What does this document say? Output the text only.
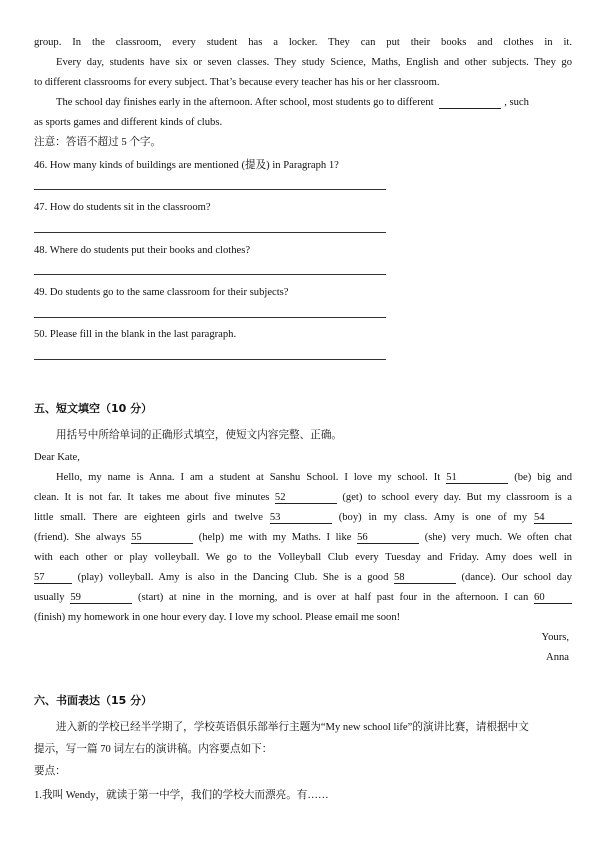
group. In the classroom, every student has a locker. They can put their books and clothes in it.
Every day, students have six or seven classes. They study Science, Maths, English and other subjects. They go
to different classrooms for every subject. That’s because every teacher has his or her classroom.
The school day finishes early in the afternoon. After school, most students go to different	, such
as sports games and different kinds of clubs.
注意：答语不超过 5 个字。
46. How many kinds of buildings are mentioned (提及) in Paragraph 1?
47. How do students sit in the classroom?
48. Where do students put their books and clothes?
49. Do students go to the same classroom for their subjects?
50. Please fill in the blank in the last paragraph.
五、短文填空（10 分）
用括号中所给单词的正确形式填空，使短文内容完整、正确。
Dear Kate,
Hello, my name is Anna. I am a student at Sanshu School. I love my school. It 51	(be) big and
clean. It is not far. It takes me about five minutes 52	(get) to school every day. But my classroom is a
little small. There are eighteen girls and twelve 53	(boy) in my class. Amy is one of my 54
(friend). She always 55	(help) me with my Maths. I like 56	(she) very much. We often chat
with each other or play volleyball. We go to the Volleyball Club every Tuesday and Friday. Amy does well in
57	(play) volleyball. Amy is also in the Dancing Club. She is a good 58	(dance). Our school day
usually 59	(start) at nine in the morning, and is over at half past four in the afternoon. I can 60
(finish) my homework in one hour every day. I love my school. Please email me soon!
Yours,
Anna
六、书面表达（15 分）
进入新的学校已经半学期了，学校英语俱乐部举行主题为“My new school life”的演讲比赛，请根据中文
提示，写一篇 70 词左右的演讲稿。内容要点如下：
要点：
1.我叫 Wendy，就读于第一中学，我们的学校大而漂亮。有……
